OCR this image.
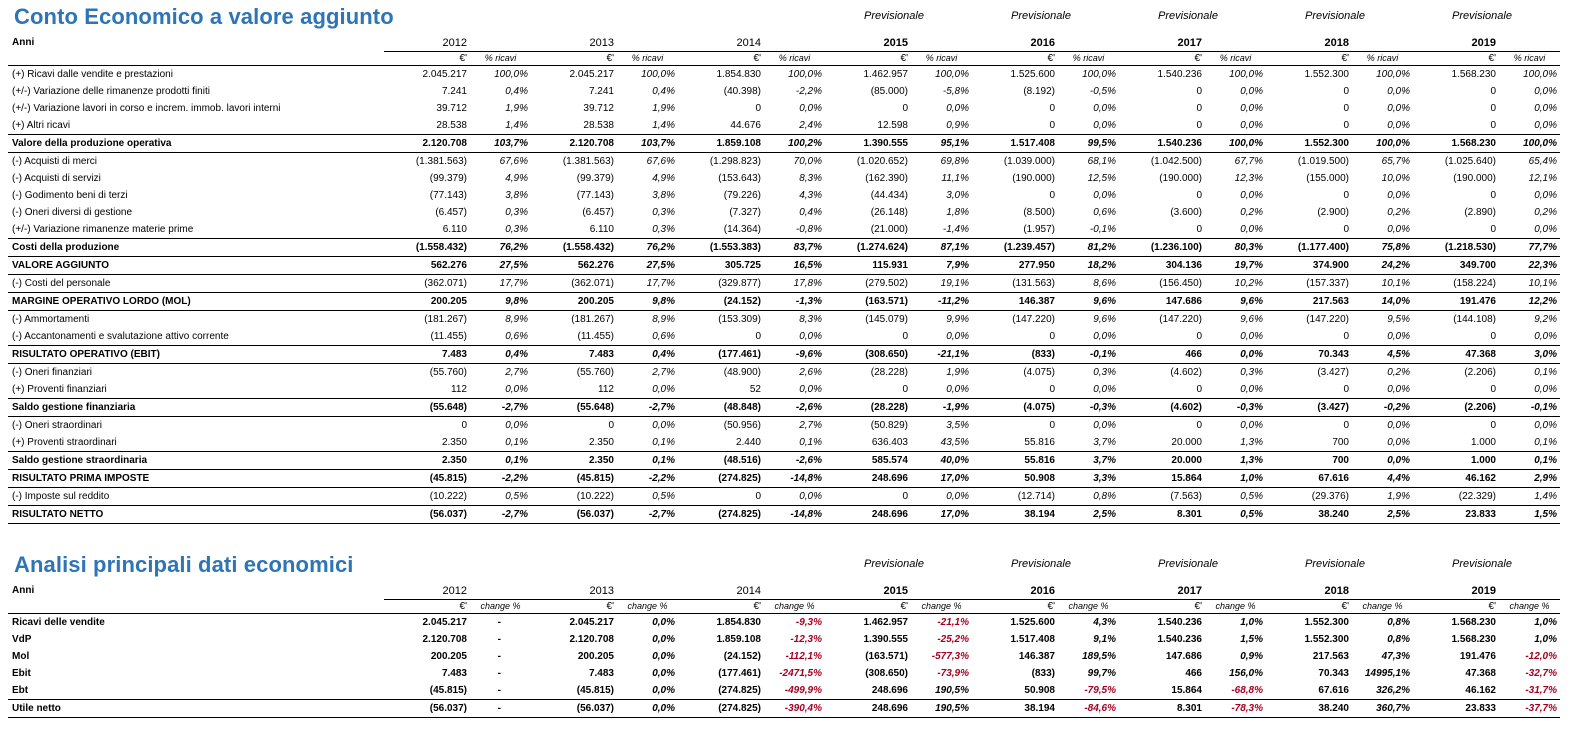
Conto Economico a valore aggiunto	Previsionale	Previsionale	Previsionale	Previsionale	Previsionale
Anni	2012		2013		2014		2015		2016		2017		2018		2019	
	€'	% ricavi	€'	% ricavi	€'	% ricavi	€'	% ricavi	€'	% ricavi	€'	% ricavi	€'	% ricavi	€'	% ricavi
(+) Ricavi dalle vendite e prestazioni	2.045.217	100,0%	2.045.217	100,0%	1.854.830	100,0%	1.462.957	100,0%	1.525.600	100,0%	1.540.236	100,0%	1.552.300	100,0%	1.568.230	100,0%
(+/-) Variazione delle rimanenze prodotti finiti	7.241	0,4%	7.241	0,4%	(40.398)	-2,2%	(85.000)	-5,8%	(8.192)	-0,5%	0	0,0%	0	0,0%	0	0,0%
(+/-) Variazione lavori in corso e increm. immob. lavori interni	39.712	1,9%	39.712	1,9%	0	0,0%	0	0,0%	0	0,0%	0	0,0%	0	0,0%	0	0,0%
(+) Altri ricavi	28.538	1,4%	28.538	1,4%	44.676	2,4%	12.598	0,9%	0	0,0%	0	0,0%	0	0,0%	0	0,0%
Valore della produzione operativa	2.120.708	103,7%	2.120.708	103,7%	1.859.108	100,2%	1.390.555	95,1%	1.517.408	99,5%	1.540.236	100,0%	1.552.300	100,0%	1.568.230	100,0%
(-) Acquisti di merci	(1.381.563)	67,6%	(1.381.563)	67,6%	(1.298.823)	70,0%	(1.020.652)	69,8%	(1.039.000)	68,1%	(1.042.500)	67,7%	(1.019.500)	65,7%	(1.025.640)	65,4%
(-) Acquisti di servizi	(99.379)	4,9%	(99.379)	4,9%	(153.643)	8,3%	(162.390)	11,1%	(190.000)	12,5%	(190.000)	12,3%	(155.000)	10,0%	(190.000)	12,1%
(-) Godimento beni di terzi	(77.143)	3,8%	(77.143)	3,8%	(79.226)	4,3%	(44.434)	3,0%	0	0,0%	0	0,0%	0	0,0%	0	0,0%
(-) Oneri diversi di gestione	(6.457)	0,3%	(6.457)	0,3%	(7.327)	0,4%	(26.148)	1,8%	(8.500)	0,6%	(3.600)	0,2%	(2.900)	0,2%	(2.890)	0,2%
(+/-) Variazione rimanenze materie prime	6.110	0,3%	6.110	0,3%	(14.364)	-0,8%	(21.000)	-1,4%	(1.957)	-0,1%	0	0,0%	0	0,0%	0	0,0%
Costi della produzione	(1.558.432)	76,2%	(1.558.432)	76,2%	(1.553.383)	83,7%	(1.274.624)	87,1%	(1.239.457)	81,2%	(1.236.100)	80,3%	(1.177.400)	75,8%	(1.218.530)	77,7%
VALORE AGGIUNTO	562.276	27,5%	562.276	27,5%	305.725	16,5%	115.931	7,9%	277.950	18,2%	304.136	19,7%	374.900	24,2%	349.700	22,3%
(-) Costi del personale	(362.071)	17,7%	(362.071)	17,7%	(329.877)	17,8%	(279.502)	19,1%	(131.563)	8,6%	(156.450)	10,2%	(157.337)	10,1%	(158.224)	10,1%
MARGINE OPERATIVO LORDO (MOL)	200.205	9,8%	200.205	9,8%	(24.152)	-1,3%	(163.571)	-11,2%	146.387	9,6%	147.686	9,6%	217.563	14,0%	191.476	12,2%
(-) Ammortamenti	(181.267)	8,9%	(181.267)	8,9%	(153.309)	8,3%	(145.079)	9,9%	(147.220)	9,6%	(147.220)	9,6%	(147.220)	9,5%	(144.108)	9,2%
(-) Accantonamenti e svalutazione attivo corrente	(11.455)	0,6%	(11.455)	0,6%	0	0,0%	0	0,0%	0	0,0%	0	0,0%	0	0,0%	0	0,0%
RISULTATO OPERATIVO (EBIT)	7.483	0,4%	7.483	0,4%	(177.461)	-9,6%	(308.650)	-21,1%	(833)	-0,1%	466	0,0%	70.343	4,5%	47.368	3,0%
(-) Oneri finanziari	(55.760)	2,7%	(55.760)	2,7%	(48.900)	2,6%	(28.228)	1,9%	(4.075)	0,3%	(4.602)	0,3%	(3.427)	0,2%	(2.206)	0,1%
(+) Proventi finanziari	112	0,0%	112	0,0%	52	0,0%	0	0,0%	0	0,0%	0	0,0%	0	0,0%	0	0,0%
Saldo gestione finanziaria	(55.648)	-2,7%	(55.648)	-2,7%	(48.848)	-2,6%	(28.228)	-1,9%	(4.075)	-0,3%	(4.602)	-0,3%	(3.427)	-0,2%	(2.206)	-0,1%
(-) Oneri straordinari	0	0,0%	0	0,0%	(50.956)	2,7%	(50.829)	3,5%	0	0,0%	0	0,0%	0	0,0%	0	0,0%
(+) Proventi straordinari	2.350	0,1%	2.350	0,1%	2.440	0,1%	636.403	43,5%	55.816	3,7%	20.000	1,3%	700	0,0%	1.000	0,1%
Saldo gestione straordinaria	2.350	0,1%	2.350	0,1%	(48.516)	-2,6%	585.574	40,0%	55.816	3,7%	20.000	1,3%	700	0,0%	1.000	0,1%
RISULTATO PRIMA IMPOSTE	(45.815)	-2,2%	(45.815)	-2,2%	(274.825)	-14,8%	248.696	17,0%	50.908	3,3%	15.864	1,0%	67.616	4,4%	46.162	2,9%
(-) Imposte sul reddito	(10.222)	0,5%	(10.222)	0,5%	0	0,0%	0	0,0%	(12.714)	0,8%	(7.563)	0,5%	(29.376)	1,9%	(22.329)	1,4%
RISULTATO NETTO	(56.037)	-2,7%	(56.037)	-2,7%	(274.825)	-14,8%	248.696	17,0%	38.194	2,5%	8.301	0,5%	38.240	2,5%	23.833	1,5%
Analisi principali dati economici	Previsionale	Previsionale	Previsionale	Previsionale	Previsionale
Anni	2012		2013		2014		2015		2016		2017		2018		2019	
	€'	change %	€'	change %	€'	change %	€'	change %	€'	change %	€'	change %	€'	change %	€'	change %
Ricavi delle vendite	2.045.217	-	2.045.217	0,0%	1.854.830	-9,3%	1.462.957	-21,1%	1.525.600	4,3%	1.540.236	1,0%	1.552.300	0,8%	1.568.230	1,0%
VdP	2.120.708	-	2.120.708	0,0%	1.859.108	-12,3%	1.390.555	-25,2%	1.517.408	9,1%	1.540.236	1,5%	1.552.300	0,8%	1.568.230	1,0%
Mol	200.205	-	200.205	0,0%	(24.152)	-112,1%	(163.571)	-577,3%	146.387	189,5%	147.686	0,9%	217.563	47,3%	191.476	-12,0%
Ebit	7.483	-	7.483	0,0%	(177.461)	-2471,5%	(308.650)	-73,9%	(833)	99,7%	466	156,0%	70.343	14995,1%	47.368	-32,7%
Ebt	(45.815)	-	(45.815)	0,0%	(274.825)	-499,9%	248.696	190,5%	50.908	-79,5%	15.864	-68,8%	67.616	326,2%	46.162	-31,7%
Utile netto	(56.037)	-	(56.037)	0,0%	(274.825)	-390,4%	248.696	190,5%	38.194	-84,6%	8.301	-78,3%	38.240	360,7%	23.833	-37,7%
